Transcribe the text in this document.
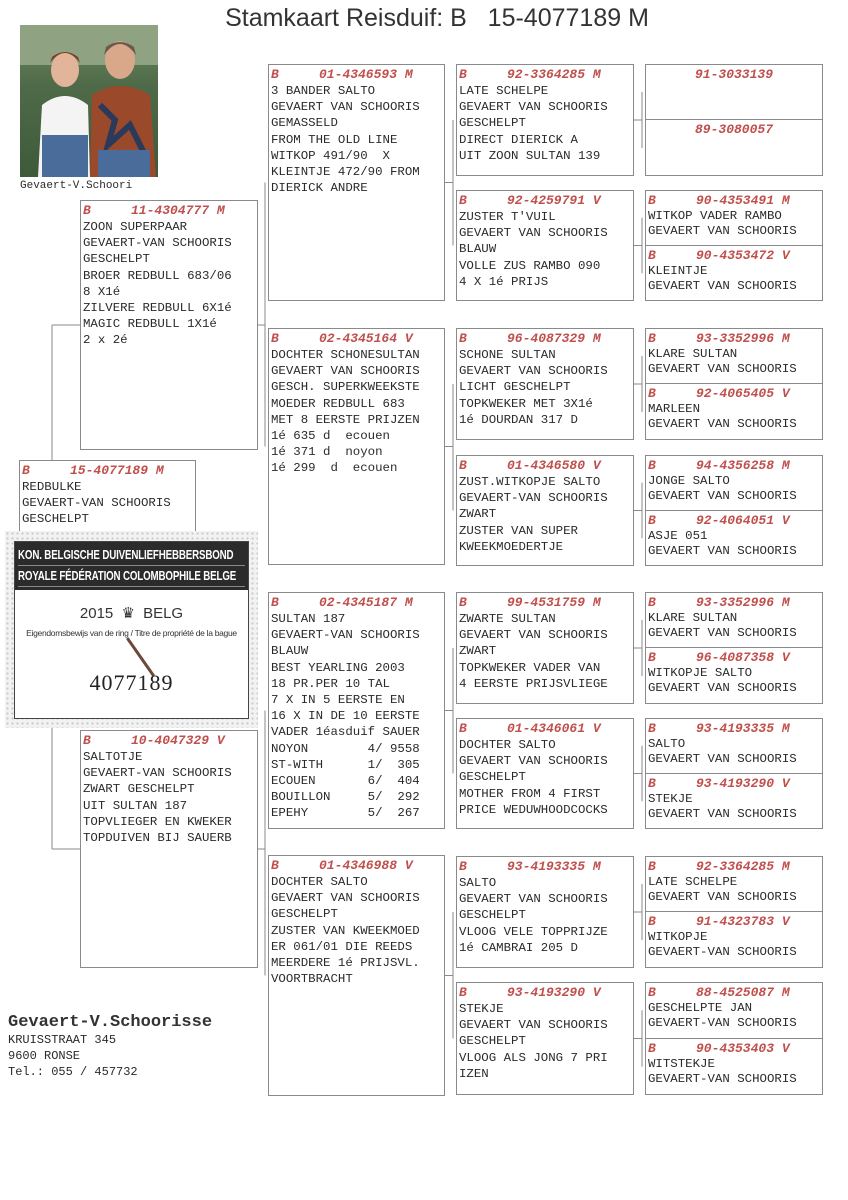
Stamkaart Reisduif: B   15-4077189 M
Gevaert-V.Schoori
B	15-4077189 M
REDBULKE
GEVAERT-VAN SCHOORIS
GESCHELPT
B	11-4304777 M
ZOON SUPERPAAR
GEVAERT-VAN SCHOORIS
GESCHELPT
BROER REDBULL 683/06
8 X1é
ZILVERE REDBULL 6X1é
MAGIC REDBULL 1X1é
2 x 2é
B	10-4047329 V
SALTOTJE
GEVAERT-VAN SCHOORIS
ZWART GESCHELPT
UIT SULTAN 187
TOPVLIEGER EN KWEKER
TOPDUIVEN BIJ SAUERB
B	01-4346593 M
3 BANDER SALTO
GEVAERT VAN SCHOORIS
GEMASSELD
FROM THE OLD LINE
WITKOP 491/90  X
KLEINTJE 472/90 FROM
DIERICK ANDRE
B	02-4345164 V
DOCHTER SCHONESULTAN
GEVAERT VAN SCHOORIS
GESCH. SUPERKWEEKSTE
MOEDER REDBULL 683
MET 8 EERSTE PRIJZEN
1é 635 d  ecouen
1é 371 d  noyon
1é 299  d  ecouen
B	02-4345187 M
SULTAN 187
GEVAERT-VAN SCHOORIS
BLAUW
BEST YEARLING 2003
18 PR.PER 10 TAL
7 X IN 5 EERSTE EN
16 X IN DE 10 EERSTE
VADER 1éasduif SAUER
NOYON        4/ 9558
ST-WITH      1/  305
ECOUEN       6/  404
BOUILLON     5/  292
EPEHY        5/  267
B	01-4346988 V
DOCHTER SALTO
GEVAERT VAN SCHOORIS
GESCHELPT
ZUSTER VAN KWEEKMOED
ER 061/01 DIE REEDS
MEERDERE 1é PRIJSVL.
VOORTBRACHT
B	92-3364285 M
LATE SCHELPE
GEVAERT VAN SCHOORIS
GESCHELPT
DIRECT DIERICK A
UIT ZOON SULTAN 139
B	92-4259791 V
ZUSTER T'VUIL
GEVAERT VAN SCHOORIS
BLAUW
VOLLE ZUS RAMBO 090
4 X 1é PRIJS
B	96-4087329 M
SCHONE SULTAN
GEVAERT VAN SCHOORIS
LICHT GESCHELPT
TOPKWEKER MET 3X1é
1é DOURDAN 317 D
B	01-4346580 V
ZUST.WITKOPJE SALTO
GEVAERT-VAN SCHOORIS
ZWART
ZUSTER VAN SUPER
KWEEKMOEDERTJE
B	99-4531759 M
ZWARTE SULTAN
GEVAERT VAN SCHOORIS
ZWART
TOPKWEKER VADER VAN
4 EERSTE PRIJSVLIEGE
B	01-4346061 V
DOCHTER SALTO
GEVAERT VAN SCHOORIS
GESCHELPT
MOTHER FROM 4 FIRST
PRICE WEDUWHOODCOCKS
B	93-4193335 M
SALTO
GEVAERT VAN SCHOORIS
GESCHELPT
VLOOG VELE TOPPRIJZE
1é CAMBRAI 205 D
B	93-4193290 V
STEKJE
GEVAERT VAN SCHOORIS
GESCHELPT
VLOOG ALS JONG 7 PRI
IZEN
91-3033139
89-3080057
B	90-4353491 M
WITKOP VADER RAMBO
GEVAERT VAN SCHOORIS
B	90-4353472 V
KLEINTJE
GEVAERT VAN SCHOORIS
B	93-3352996 M
KLARE SULTAN
GEVAERT VAN SCHOORIS
B	92-4065405 V
MARLEEN
GEVAERT VAN SCHOORIS
B	94-4356258 M
JONGE SALTO
GEVAERT VAN SCHOORIS
B	92-4064051 V
ASJE 051
GEVAERT VAN SCHOORIS
B	93-3352996 M
KLARE SULTAN
GEVAERT VAN SCHOORIS
B	96-4087358 V
WITKOPJE SALTO
GEVAERT VAN SCHOORIS
B	93-4193335 M
SALTO
GEVAERT VAN SCHOORIS
B	93-4193290 V
STEKJE
GEVAERT VAN SCHOORIS
B	92-3364285 M
LATE SCHELPE
GEVAERT VAN SCHOORIS
B	91-4323783 V
WITKOPJE
GEVAERT-VAN SCHOORIS
B	88-4525087 M
GESCHELPTE JAN
GEVAERT-VAN SCHOORIS
B	90-4353403 V
WITSTEKJE
GEVAERT-VAN SCHOORIS
KON. BELGISCHE DUIVENLIEFHEBBERSBOND
ROYALE FÉDÉRATION COLOMBOPHILE BELGE
2015 ♛ BELG
Eigendomsbewijs van de ring / Titre de propriété de la bague
4077189
Gevaert-V.Schoorisse
KRUISSTRAAT 345
9600 RONSE
Tel.: 055 / 457732
